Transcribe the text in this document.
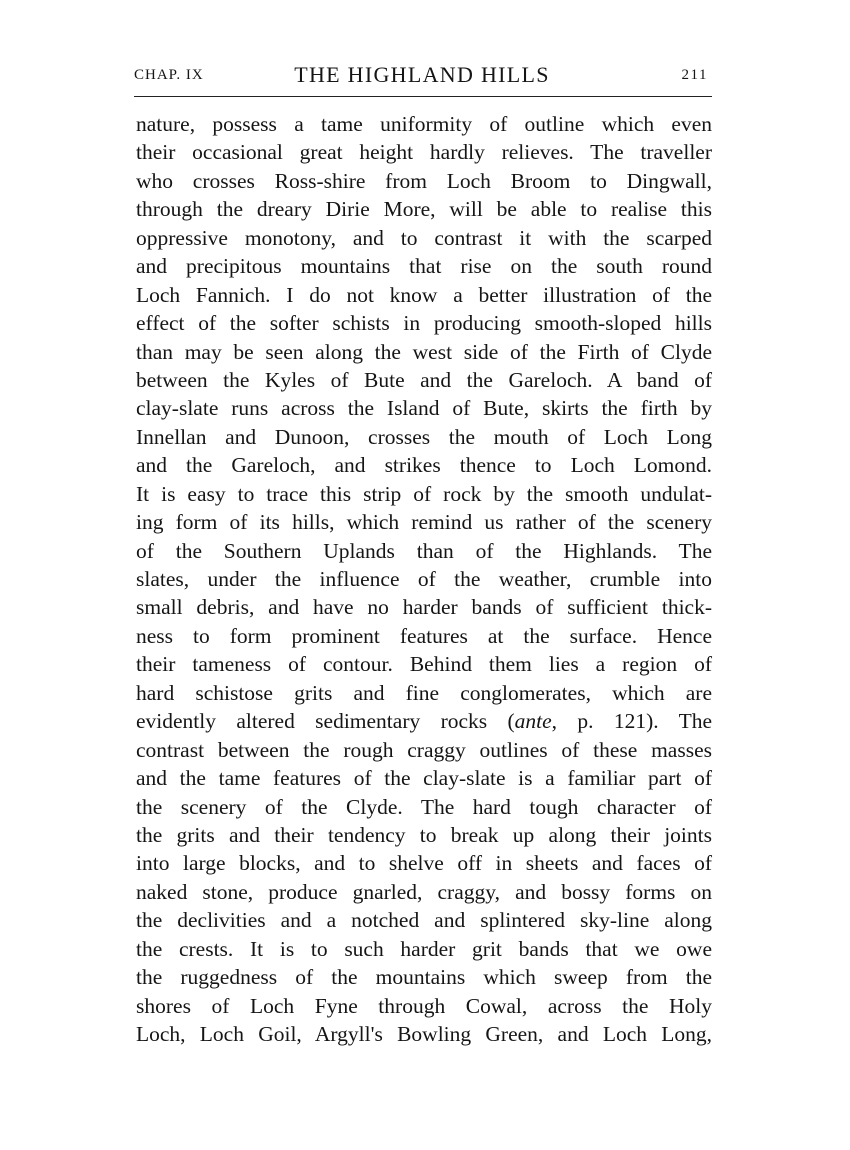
CHAP. IX	THE HIGHLAND HILLS	211
nature, possess a tame uniformity of outline which even
their occasional great height hardly relieves. The traveller
who crosses Ross-shire from Loch Broom to Dingwall,
through the dreary Dirie More, will be able to realise this
oppressive monotony, and to contrast it with the scarped
and precipitous mountains that rise on the south round
Loch Fannich. I do not know a better illustration of the
effect of the softer schists in producing smooth-sloped hills
than may be seen along the west side of the Firth of Clyde
between the Kyles of Bute and the Gareloch. A band of
clay-slate runs across the Island of Bute, skirts the firth by
Innellan and Dunoon, crosses the mouth of Loch Long
and the Gareloch, and strikes thence to Loch Lomond.
It is easy to trace this strip of rock by the smooth undulat-
ing form of its hills, which remind us rather of the scenery
of the Southern Uplands than of the Highlands. The
slates, under the influence of the weather, crumble into
small debris, and have no harder bands of sufficient thick-
ness to form prominent features at the surface. Hence
their tameness of contour. Behind them lies a region of
hard schistose grits and fine conglomerates, which are
evidently altered sedimentary rocks (ante, p. 121). The
contrast between the rough craggy outlines of these masses
and the tame features of the clay-slate is a familiar part of
the scenery of the Clyde. The hard tough character of
the grits and their tendency to break up along their joints
into large blocks, and to shelve off in sheets and faces of
naked stone, produce gnarled, craggy, and bossy forms on
the declivities and a notched and splintered sky-line along
the crests. It is to such harder grit bands that we owe
the ruggedness of the mountains which sweep from the
shores of Loch Fyne through Cowal, across the Holy
Loch, Loch Goil, Argyll's Bowling Green, and Loch Long,
